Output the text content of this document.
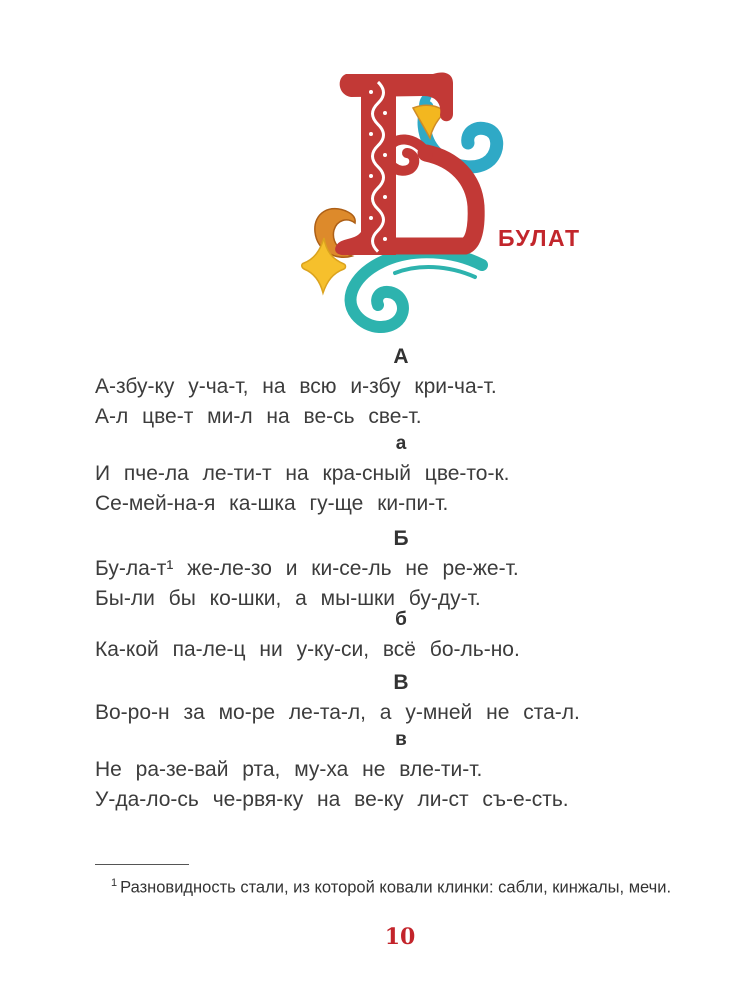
БУЛАТ
А

А-збу-ку у-ча-т, на всю и-збу кри-ча-т.

А-л цве-т ми-л на ве-сь све-т.

а

И пче-ла ле-ти-т на кра-сный цве-то-к.

Се-мей-на-я ка-шка гу-ще ки-пи-т.

Б

Бу-ла-т¹ же-ле-зо и ки-се-ль не ре-же-т.

Бы-ли бы ко-шки, а мы-шки бу-ду-т.

б

Ка-кой па-ле-ц ни у-ку-си, всё бо-ль-но.

В

Во-ро-н за мо-ре ле-та-л, а у-мней не ста-л.

в

Не ра-зе-вай рта, му-ха не вле-ти-т.

У-да-ло-сь че-рвя-ку на ве-ку ли-ст съ-е-сть.

$^1$ Разновидность стали, из которой ковали клинки: сабли, кинжалы, мечи.

10
